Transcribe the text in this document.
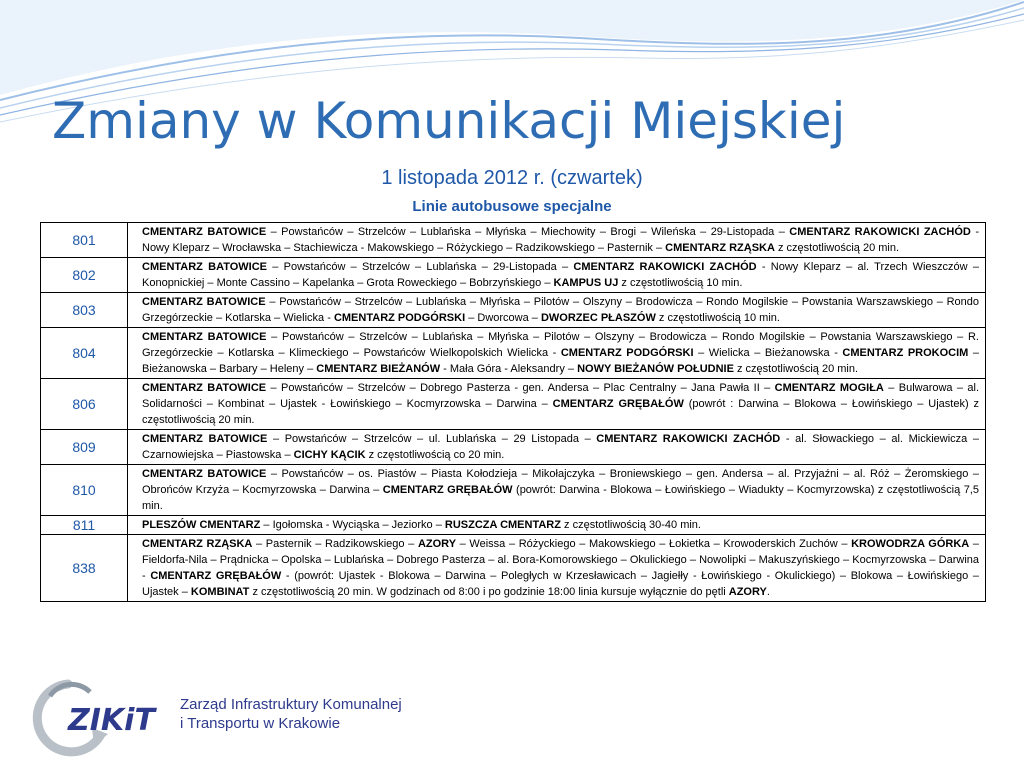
Zmiany w Komunikacji Miejskiej
1 listopada 2012 r. (czwartek)
Linie autobusowe specjalne
801	CMENTARZ BATOWICE – Powstańców – Strzelców – Lublańska – Młyńska – Miechowity – Brogi – Wileńska – 29-Listopada – CMENTARZ RAKOWICKI ZACHÓD - Nowy Kleparz – Wrocławska – Stachiewicza - Makowskiego – Różyckiego – Radzikowskiego – Pasternik – CMENTARZ RZĄSKA z częstotliwością 20 min.
802	CMENTARZ BATOWICE – Powstańców – Strzelców – Lublańska – 29-Listopada – CMENTARZ RAKOWICKI ZACHÓD - Nowy Kleparz – al. Trzech Wieszczów – Konopnickiej – Monte Cassino – Kapelanka – Grota Roweckiego – Bobrzyńskiego – KAMPUS UJ z częstotliwością 10 min.
803	CMENTARZ BATOWICE – Powstańców – Strzelców – Lublańska – Młyńska – Pilotów – Olszyny – Brodowicza – Rondo Mogilskie – Powstania Warszawskiego – Rondo Grzegórzeckie – Kotlarska – Wielicka - CMENTARZ PODGÓRSKI – Dworcowa – DWORZEC PŁASZÓW z częstotliwością 10 min.
804	CMENTARZ BATOWICE – Powstańców – Strzelców – Lublańska – Młyńska – Pilotów – Olszyny – Brodowicza – Rondo Mogilskie – Powstania Warszawskiego – R. Grzegórzeckie – Kotlarska – Klimeckiego – Powstańców Wielkopolskich Wielicka - CMENTARZ PODGÓRSKI – Wielicka – Bieżanowska - CMENTARZ PROKOCIM – Bieżanowska – Barbary – Heleny – CMENTARZ BIEŻANÓW - Mała Góra - Aleksandry – NOWY BIEŻANÓW POŁUDNIE z częstotliwością 20 min.
806	CMENTARZ BATOWICE – Powstańców – Strzelców – Dobrego Pasterza - gen. Andersa – Plac Centralny – Jana Pawła II – CMENTARZ MOGIŁA – Bulwarowa – al. Solidarności – Kombinat – Ujastek - Łowińskiego – Kocmyrzowska – Darwina – CMENTARZ GRĘBAŁÓW (powrót : Darwina – Blokowa – Łowińskiego – Ujastek) z częstotliwością 20 min.
809	CMENTARZ BATOWICE – Powstańców – Strzelców – ul. Lublańska – 29 Listopada – CMENTARZ RAKOWICKI ZACHÓD - al. Słowackiego – al. Mickiewicza – Czarnowiejska – Piastowska – CICHY KĄCIK z częstotliwością co 20 min.
810	CMENTARZ BATOWICE – Powstańców – os. Piastów – Piasta Kołodzieja – Mikołajczyka – Broniewskiego – gen. Andersa – al. Przyjaźni – al. Róż – Żeromskiego – Obrońców Krzyża – Kocmyrzowska – Darwina – CMENTARZ GRĘBAŁÓW (powrót: Darwina - Blokowa – Łowińskiego – Wiadukty – Kocmyrzowska) z częstotliwością 7,5 min.
811	PLESZÓW CMENTARZ – Igołomska - Wyciąska – Jeziorko – RUSZCZA CMENTARZ z częstotliwością 30-40 min.
838	CMENTARZ RZĄSKA – Pasternik – Radzikowskiego – AZORY – Weissa – Różyckiego – Makowskiego – Łokietka – Krowoderskich Zuchów – KROWODRZA GÓRKA – Fieldorfa-Nila – Prądnicka – Opolska – Lublańska – Dobrego Pasterza – al. Bora-Komorowskiego – Okulickiego – Nowolipki – Makuszyńskiego – Kocmyrzowska – Darwina - CMENTARZ GRĘBAŁÓW - (powrót: Ujastek - Blokowa – Darwina – Poległych w Krzesławicach – Jagiełły - Łowińskiego - Okulickiego) – Blokowa – Łowińskiego – Ujastek – KOMBINAT z częstotliwością 20 min. W godzinach od 8:00 i po godzinie 18:00 linia kursuje wyłącznie do pętli AZORY.
ZIKiT Zarząd Infrastruktury Komunalnej
i Transportu w Krakowie
